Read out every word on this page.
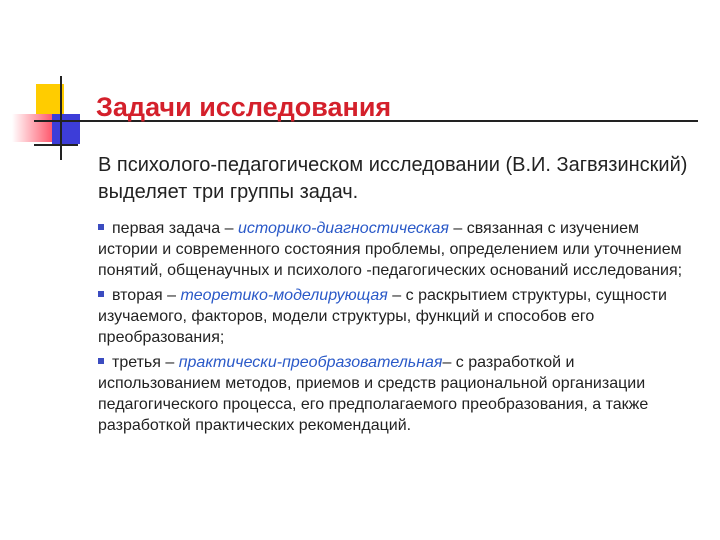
Задачи исследования
В психолого-педагогическом исследовании (В.И. Загвязинский) выделяет три группы задач.
первая задача – историко-диагностическая – связанная с изучением истории и современного состояния проблемы, определением или уточнением понятий, общенаучных и психолого -педагогических оснований исследования;
вторая – теоретико-моделирующая – с раскрытием структуры, сущности изучаемого, факторов, модели структуры, функций и способов его преобразования;
третья – практически-преобразовательная– с разработкой и использованием методов, приемов и средств рациональной организации педагогического процесса, его предполагаемого преобразования, а также разработкой практических рекомендаций.
